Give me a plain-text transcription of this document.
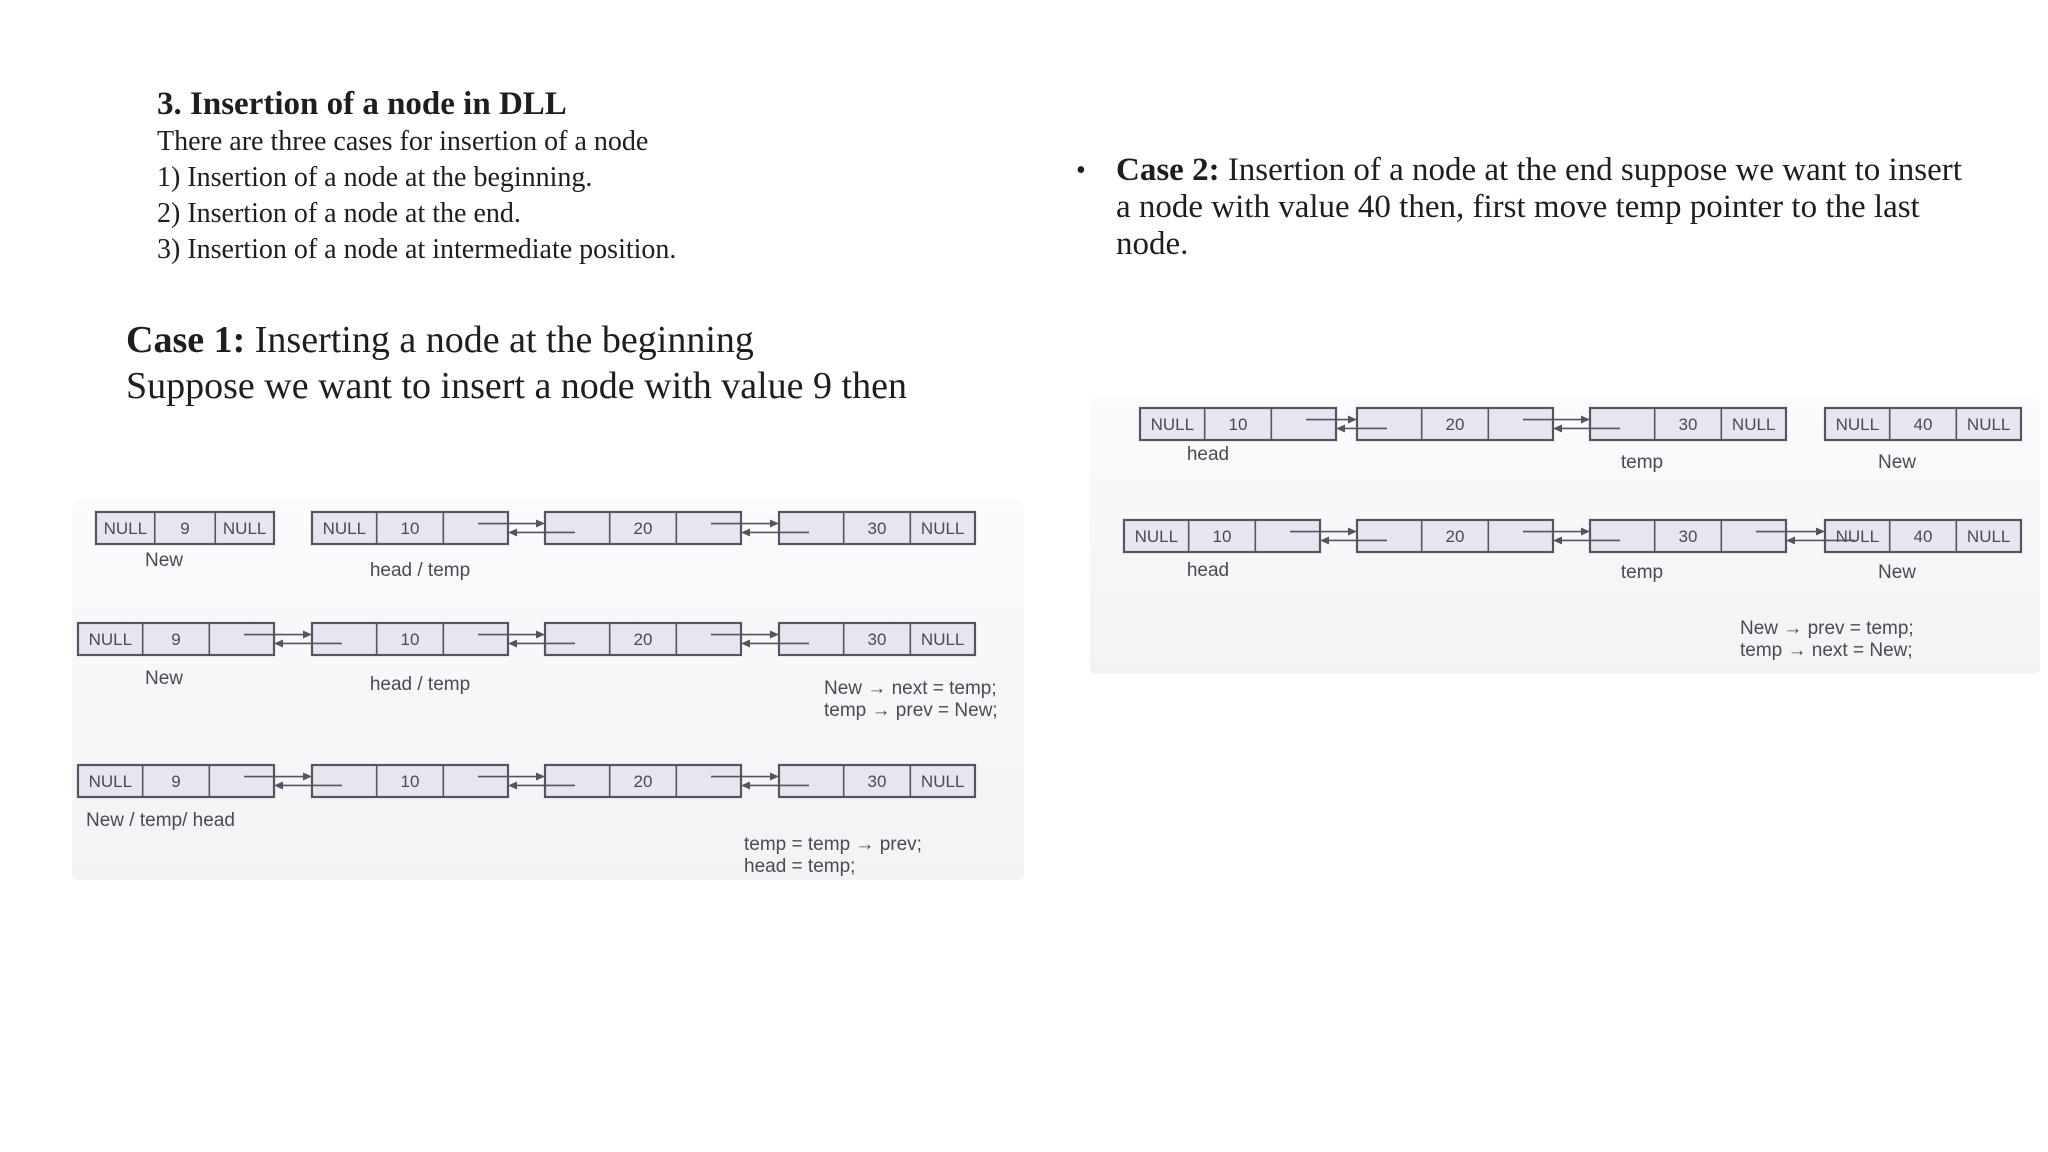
3. Insertion of a node in DLL
There are three cases for insertion of a node
1) Insertion of a node at the beginning.
2) Insertion of a node at the end.
3) Insertion of a node at intermediate position.
Case 1: Inserting a node at the beginning
Suppose we want to insert a node with value 9 then
• Case 2: Insertion of a node at the end suppose we want to insert a node with value 40 then, first move temp pointer to the last node.
NULL 9 NULL	NULL 10	20	30 NULL
New	head / temp
NULL 9	10	20	30 NULL
New	head / temp	New → next = temp;
temp → prev = New;
NULL 9	10	20	30 NULL
New / temp/ head
temp = temp → prev;
head = temp;
NULL 10	20	30 NULL	NULL 40 NULL
head	temp	New
NULL 10	20	30	NULL 40 NULL
head	temp	New
New → prev = temp;
temp → next = New;
